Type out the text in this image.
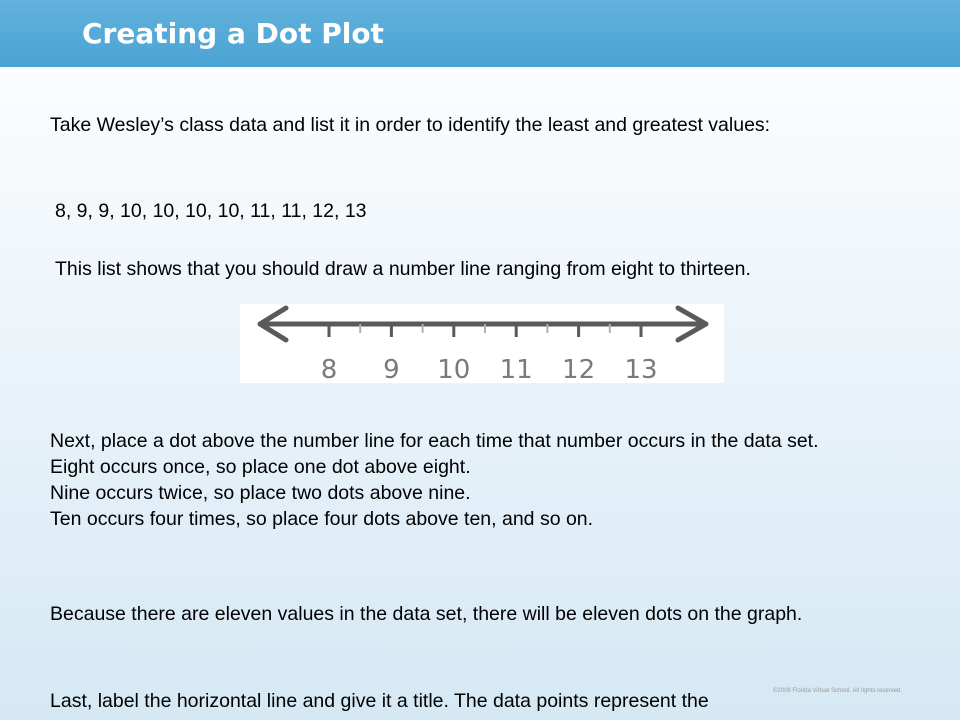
Creating a Dot Plot

Take Wesley’s class data and list it in order to identify the least and greatest values:

8, 9, 9, 10, 10, 10, 10, 11, 11, 12, 13

This list shows that you should draw a number line ranging from eight to thirteen.

8 9 10 11 12 13
Next, place a dot above the number line for each time that number occurs in the data set.
Eight occurs once, so place one dot above eight.
Nine occurs twice, so place two dots above nine.
Ten occurs four times, so place four dots above ten, and so on.

Because there are eleven values in the data set, there will be eleven dots on the graph.

Last, label the horizontal line and give it a title. The data points represent the	©2008 Florida Virtual School. All rights reserved.
